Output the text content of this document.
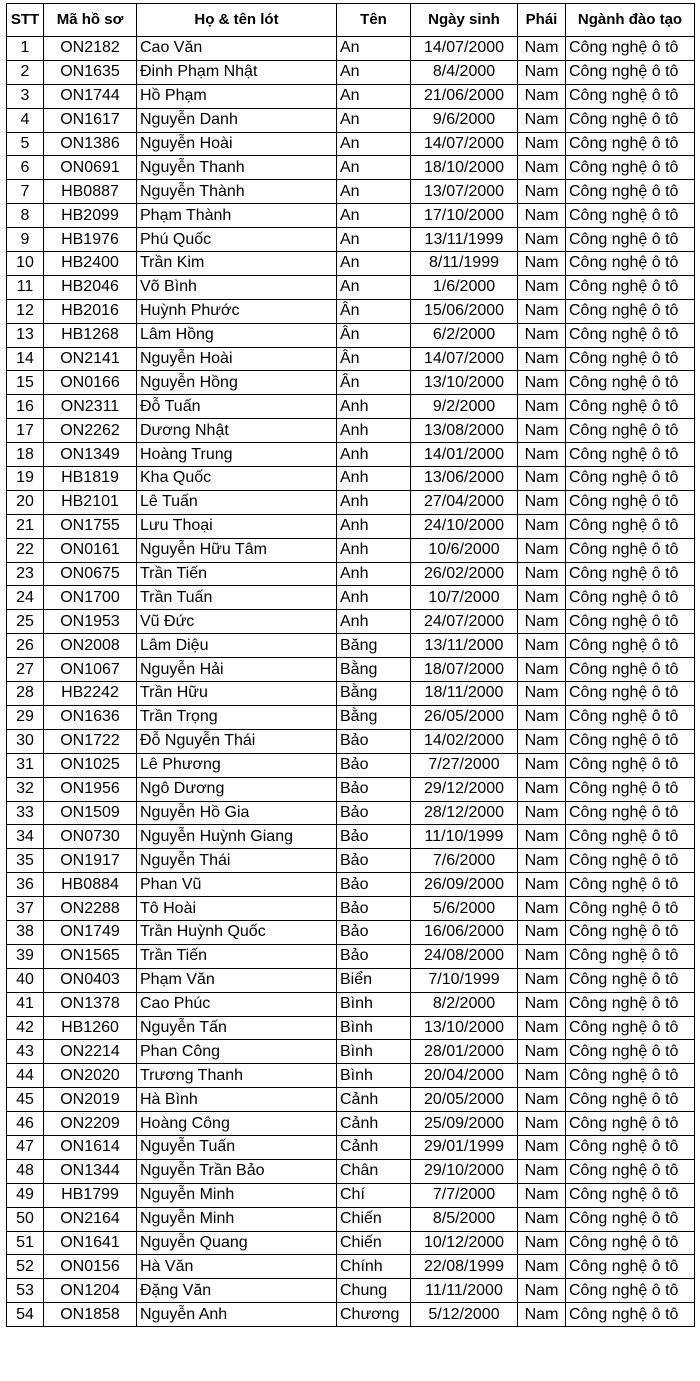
STT	Mã hồ sơ	Họ & tên lót	Tên	Ngày sinh	Phái	Ngành đào tạo
1	ON2182	Cao Văn	An	14/07/2000	Nam	Công nghệ ô tô
2	ON1635	Đinh Phạm Nhật	An	8/4/2000	Nam	Công nghệ ô tô
3	ON1744	Hồ Phạm	An	21/06/2000	Nam	Công nghệ ô tô
4	ON1617	Nguyễn Danh	An	9/6/2000	Nam	Công nghệ ô tô
5	ON1386	Nguyễn Hoài	An	14/07/2000	Nam	Công nghệ ô tô
6	ON0691	Nguyễn Thanh	An	18/10/2000	Nam	Công nghệ ô tô
7	HB0887	Nguyễn Thành	An	13/07/2000	Nam	Công nghệ ô tô
8	HB2099	Phạm Thành	An	17/10/2000	Nam	Công nghệ ô tô
9	HB1976	Phú Quốc	An	13/11/1999	Nam	Công nghệ ô tô
10	HB2400	Trần Kim	An	8/11/1999	Nam	Công nghệ ô tô
11	HB2046	Võ Bình	An	1/6/2000	Nam	Công nghệ ô tô
12	HB2016	Huỳnh Phước	Ân	15/06/2000	Nam	Công nghệ ô tô
13	HB1268	Lâm Hồng	Ân	6/2/2000	Nam	Công nghệ ô tô
14	ON2141	Nguyễn Hoài	Ân	14/07/2000	Nam	Công nghệ ô tô
15	ON0166	Nguyễn Hồng	Ân	13/10/2000	Nam	Công nghệ ô tô
16	ON2311	Đỗ Tuấn	Anh	9/2/2000	Nam	Công nghệ ô tô
17	ON2262	Dương Nhật	Anh	13/08/2000	Nam	Công nghệ ô tô
18	ON1349	Hoàng Trung	Anh	14/01/2000	Nam	Công nghệ ô tô
19	HB1819	Kha Quốc	Anh	13/06/2000	Nam	Công nghệ ô tô
20	HB2101	Lê Tuấn	Anh	27/04/2000	Nam	Công nghệ ô tô
21	ON1755	Lưu Thoại	Anh	24/10/2000	Nam	Công nghệ ô tô
22	ON0161	Nguyễn Hữu Tâm	Anh	10/6/2000	Nam	Công nghệ ô tô
23	ON0675	Trần Tiến	Anh	26/02/2000	Nam	Công nghệ ô tô
24	ON1700	Trần Tuấn	Anh	10/7/2000	Nam	Công nghệ ô tô
25	ON1953	Vũ Đức	Anh	24/07/2000	Nam	Công nghệ ô tô
26	ON2008	Lâm Diệu	Băng	13/11/2000	Nam	Công nghệ ô tô
27	ON1067	Nguyễn Hải	Bằng	18/07/2000	Nam	Công nghệ ô tô
28	HB2242	Trần Hữu	Bằng	18/11/2000	Nam	Công nghệ ô tô
29	ON1636	Trần Trọng	Bằng	26/05/2000	Nam	Công nghệ ô tô
30	ON1722	Đỗ Nguyễn Thái	Bảo	14/02/2000	Nam	Công nghệ ô tô
31	ON1025	Lê Phương	Bảo	7/27/2000	Nam	Công nghệ ô tô
32	ON1956	Ngô Dương	Bảo	29/12/2000	Nam	Công nghệ ô tô
33	ON1509	Nguyễn Hồ Gia	Bảo	28/12/2000	Nam	Công nghệ ô tô
34	ON0730	Nguyễn Huỳnh Giang	Bảo	11/10/1999	Nam	Công nghệ ô tô
35	ON1917	Nguyễn Thái	Bảo	7/6/2000	Nam	Công nghệ ô tô
36	HB0884	Phan Vũ	Bảo	26/09/2000	Nam	Công nghệ ô tô
37	ON2288	Tô Hoài	Bảo	5/6/2000	Nam	Công nghệ ô tô
38	ON1749	Trần Huỳnh Quốc	Bảo	16/06/2000	Nam	Công nghệ ô tô
39	ON1565	Trần Tiến	Bảo	24/08/2000	Nam	Công nghệ ô tô
40	ON0403	Phạm Văn	Biển	7/10/1999	Nam	Công nghệ ô tô
41	ON1378	Cao Phúc	Bình	8/2/2000	Nam	Công nghệ ô tô
42	HB1260	Nguyễn Tấn	Bình	13/10/2000	Nam	Công nghệ ô tô
43	ON2214	Phan Công	Bình	28/01/2000	Nam	Công nghệ ô tô
44	ON2020	Trương Thanh	Bình	20/04/2000	Nam	Công nghệ ô tô
45	ON2019	Hà Bình	Cảnh	20/05/2000	Nam	Công nghệ ô tô
46	ON2209	Hoàng Công	Cảnh	25/09/2000	Nam	Công nghệ ô tô
47	ON1614	Nguyễn Tuấn	Cảnh	29/01/1999	Nam	Công nghệ ô tô
48	ON1344	Nguyễn Trần Bảo	Chân	29/10/2000	Nam	Công nghệ ô tô
49	HB1799	Nguyễn Minh	Chí	7/7/2000	Nam	Công nghệ ô tô
50	ON2164	Nguyễn Minh	Chiến	8/5/2000	Nam	Công nghệ ô tô
51	ON1641	Nguyễn Quang	Chiến	10/12/2000	Nam	Công nghệ ô tô
52	ON0156	Hà Văn	Chính	22/08/1999	Nam	Công nghệ ô tô
53	ON1204	Đặng Văn	Chung	11/11/2000	Nam	Công nghệ ô tô
54	ON1858	Nguyễn Anh	Chương	5/12/2000	Nam	Công nghệ ô tô
